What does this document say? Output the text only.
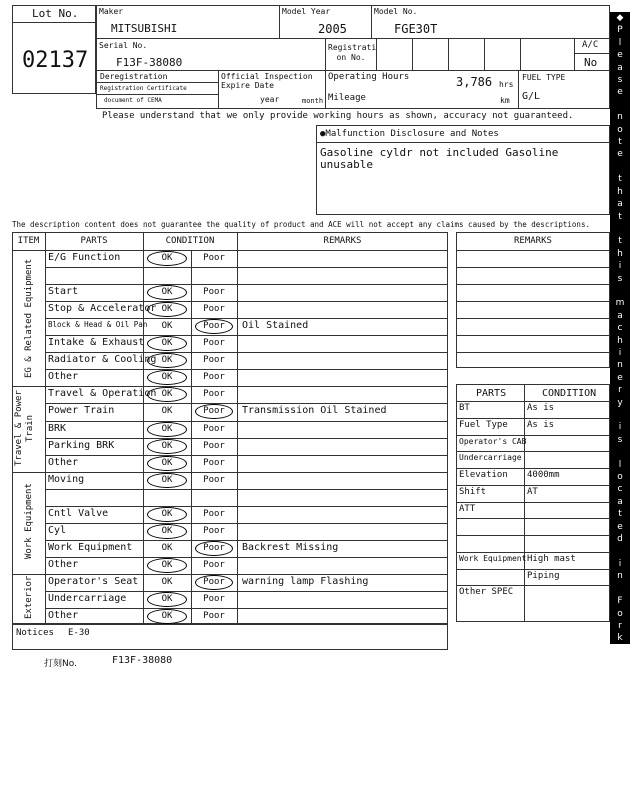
Lot No.
02137
Maker
MITSUBISHI
Model Year
2005
Model No.
FGE30T
Serial No.
F13F-38080
Registrati on No.
A/C
No
Deregistration
Registration Certificate
document of CEMA
Official Inspection Expire Date
year	month
Operating Hours	3,786 hrs
Mileage	km
FUEL TYPE
G/L
Please understand that we only provide working hours as shown, accuracy not guaranteed.
●Malfunction Disclosure and Notes
Gasoline cyldr not included Gasoline unusable
The description content does not guarantee the quality of product and ACE will not accept any claims caused by the descriptions.
EG & Related Equipment
Travel & Power Train
Work Equipment
Exterior
REMARKS
PARTS	CONDITION
Notices E-30
打刻No.	F13F-38080
◆
P
l
e
a
s
e

n
o
t
e

t
h
a
t

t
h
i
s

m
a
c
h
i
n
e
r
y

i
s

l
o
c
a
t
e
d

i
n

F
o
r
k
l
i
f
t

P
a
r
k
i
n
g
◆
ITEM	PARTS	CONDITION	REMARKS
E/G Function	OK	Poor
Start	OK	Poor
Stop & Accelerator OK	Poor
Block & Head & Oil Pan	OK	Poor	Oil Stained
Intake & Exhaust	OK	Poor
Radiator & Cooling OK	Poor
Other	OK	Poor
Travel & Operation OK	Poor
Power Train	OK	Poor	Transmission Oil Stained
BRK	OK	Poor
Parking BRK	OK	Poor
Other	OK	Poor
Moving	OK	Poor
Cntl Valve	OK	Poor
Cyl	OK	Poor
Work Equipment	OK	Poor	Backrest Missing
Other	OK	Poor
Operator's Seat	OK	Poor	warning lamp Flashing
Undercarriage	OK	Poor
Other	OK	Poor
BT	As is
Fuel Type As is
Operator's CAB
Undercarriage
Elevation 4000mm
Shift	AT
ATT
Work Equipment High mast
Piping
Other SPEC
